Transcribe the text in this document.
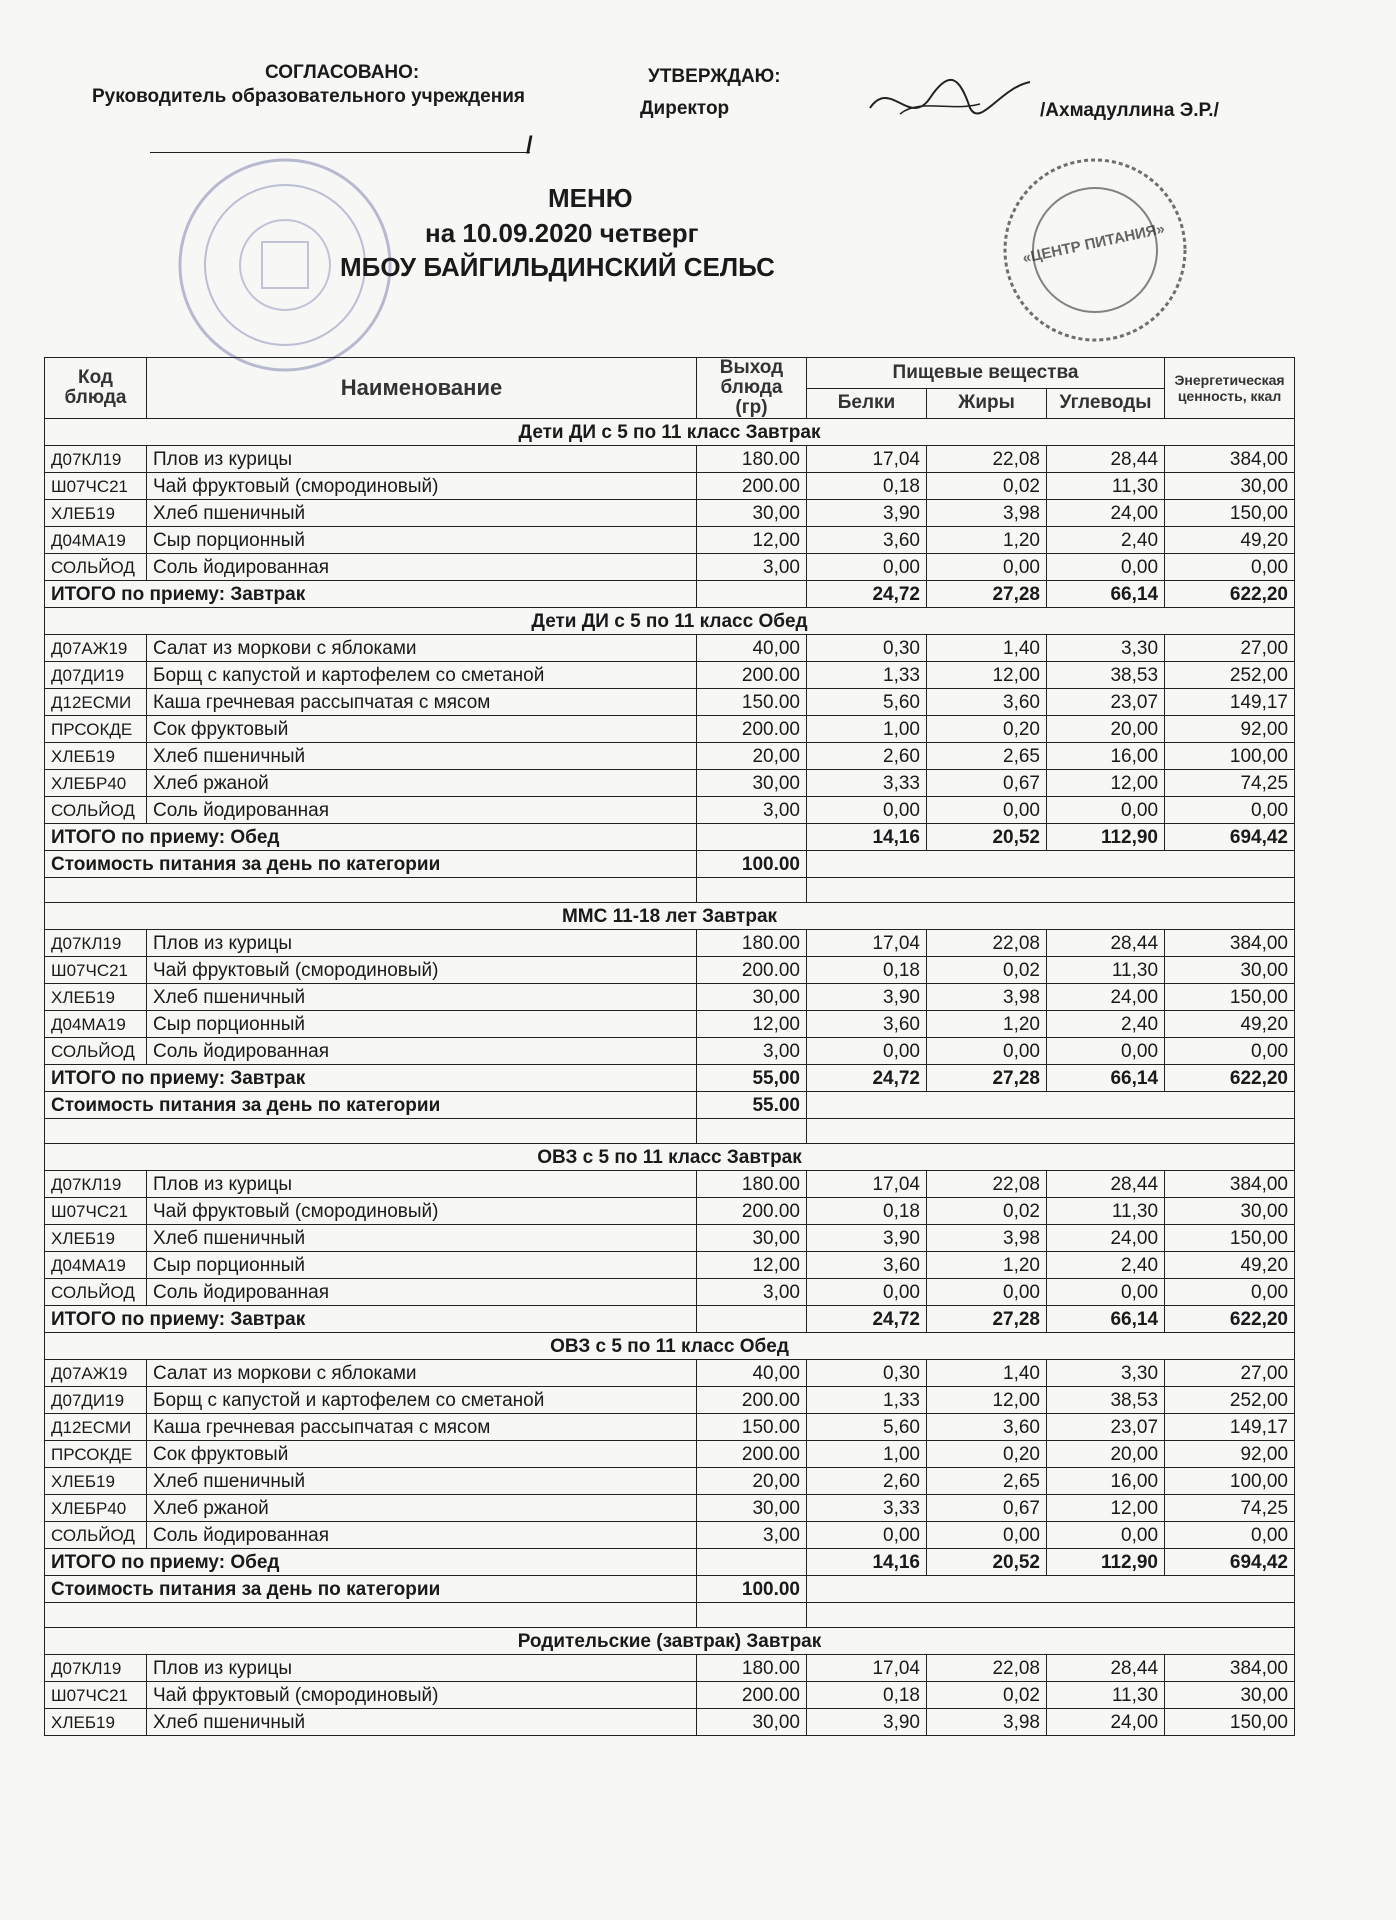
СОГЛАСОВАНО:
Руководитель образовательного учреждения
/
УТВЕРЖДАЮ:
Директор	/Ахмадуллина Э.Р./
«ЦЕНТР ПИТАНИЯ»
МЕНЮ
на 10.09.2020 четверг
МБОУ БАЙГИЛЬДИНСКИЙ СЕЛЬС
Код блюда	Наименование	Выход блюда (гр)	Пищевые вещества			Энергетическая ценность, ккал
			Белки	Жиры	Углеводы	
Дети ДИ с 5 по 11 класс Завтрак						
Д07КЛ19	Плов из курицы	180.00	17,04	22,08	28,44	384,00
Ш07ЧС21	Чай фруктовый (смородиновый)	200.00	0,18	0,02	11,30	30,00
ХЛЕБ19	Хлеб пшеничный	30,00	3,90	3,98	24,00	150,00
Д04МА19	Сыр порционный	12,00	3,60	1,20	2,40	49,20
СОЛЬЙОД	Соль йодированная	3,00	0,00	0,00	0,00	0,00
ИТОГО по приему: Завтрак			24,72	27,28	66,14	622,20
Дети ДИ с 5 по 11 класс Обед						
Д07АЖ19	Салат из моркови с яблоками	40,00	0,30	1,40	3,30	27,00
Д07ДИ19	Борщ с капустой и картофелем со сметаной	200.00	1,33	12,00	38,53	252,00
Д12ЕСМИ	Каша гречневая рассыпчатая с мясом	150.00	5,60	3,60	23,07	149,17
ПРСОКДЕ	Сок фруктовый	200.00	1,00	0,20	20,00	92,00
ХЛЕБ19	Хлеб пшеничный	20,00	2,60	2,65	16,00	100,00
ХЛЕБР40	Хлеб ржаной	30,00	3,33	0,67	12,00	74,25
СОЛЬЙОД	Соль йодированная	3,00	0,00	0,00	0,00	0,00
ИТОГО по приему: Обед			14,16	20,52	112,90	694,42
Стоимость питания за день по категории		100.00				

ММС 11-18 лет Завтрак						
Д07КЛ19	Плов из курицы	180.00	17,04	22,08	28,44	384,00
Ш07ЧС21	Чай фруктовый (смородиновый)	200.00	0,18	0,02	11,30	30,00
ХЛЕБ19	Хлеб пшеничный	30,00	3,90	3,98	24,00	150,00
Д04МА19	Сыр порционный	12,00	3,60	1,20	2,40	49,20
СОЛЬЙОД	Соль йодированная	3,00	0,00	0,00	0,00	0,00
ИТОГО по приему: Завтрак		55,00	24,72	27,28	66,14	622,20
Стоимость питания за день по категории		55.00				

ОВЗ с 5 по 11 класс Завтрак						
Д07КЛ19	Плов из курицы	180.00	17,04	22,08	28,44	384,00
Ш07ЧС21	Чай фруктовый (смородиновый)	200.00	0,18	0,02	11,30	30,00
ХЛЕБ19	Хлеб пшеничный	30,00	3,90	3,98	24,00	150,00
Д04МА19	Сыр порционный	12,00	3,60	1,20	2,40	49,20
СОЛЬЙОД	Соль йодированная	3,00	0,00	0,00	0,00	0,00
ИТОГО по приему: Завтрак			24,72	27,28	66,14	622,20
ОВЗ с 5 по 11 класс Обед						
Д07АЖ19	Салат из моркови с яблоками	40,00	0,30	1,40	3,30	27,00
Д07ДИ19	Борщ с капустой и картофелем со сметаной	200.00	1,33	12,00	38,53	252,00
Д12ЕСМИ	Каша гречневая рассыпчатая с мясом	150.00	5,60	3,60	23,07	149,17
ПРСОКДЕ	Сок фруктовый	200.00	1,00	0,20	20,00	92,00
ХЛЕБ19	Хлеб пшеничный	20,00	2,60	2,65	16,00	100,00
ХЛЕБР40	Хлеб ржаной	30,00	3,33	0,67	12,00	74,25
СОЛЬЙОД	Соль йодированная	3,00	0,00	0,00	0,00	0,00
ИТОГО по приему: Обед			14,16	20,52	112,90	694,42
Стоимость питания за день по категории		100.00				

Родительские (завтрак) Завтрак						
Д07КЛ19	Плов из курицы	180.00	17,04	22,08	28,44	384,00
Ш07ЧС21	Чай фруктовый (смородиновый)	200.00	0,18	0,02	11,30	30,00
ХЛЕБ19	Хлеб пшеничный	30,00	3,90	3,98	24,00	150,00
